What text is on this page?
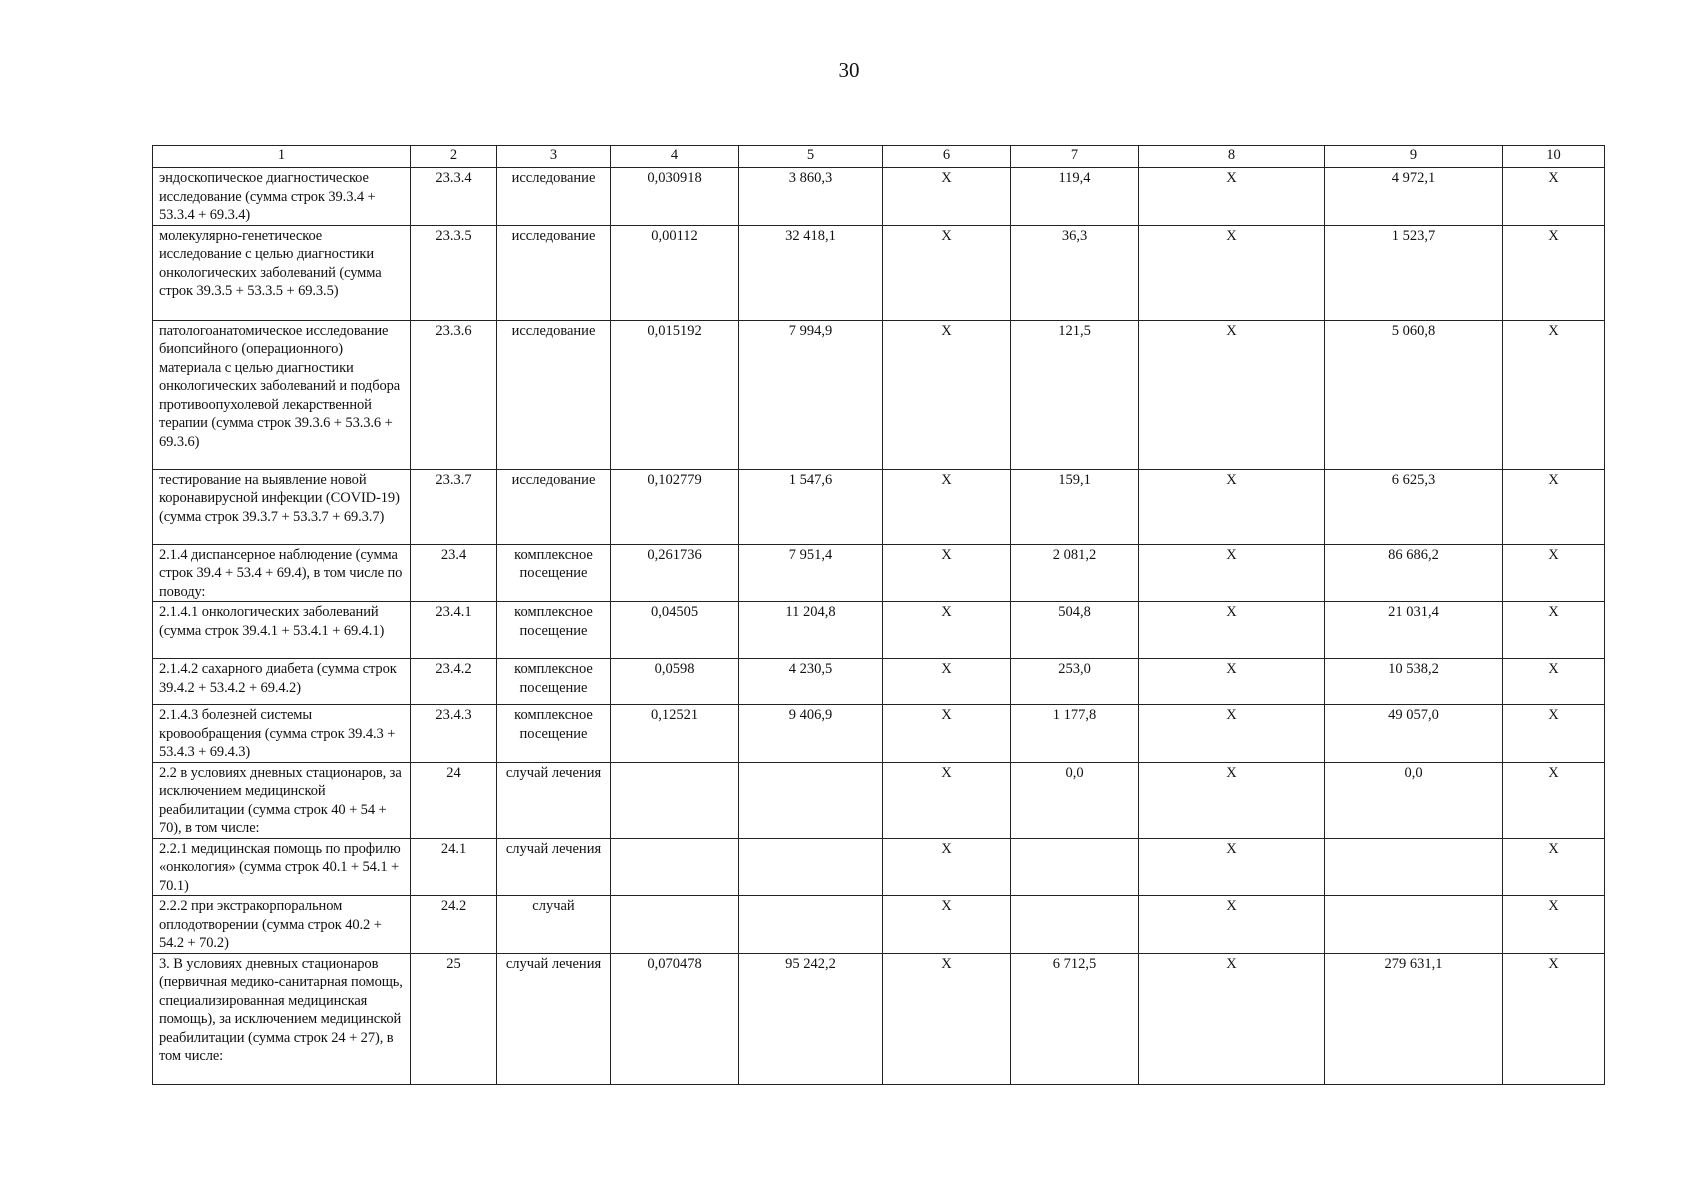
30
1	2	3	4	5	6	7	8	9	10
эндоскопическое диагностическое исследование (сумма строк 39.3.4 + 53.3.4 + 69.3.4)	23.3.4	исследование	0,030918	3 860,3	X	119,4	X	4 972,1	X
молекулярно-генетическое исследование с целью диагностики онкологических заболеваний (сумма строк 39.3.5 + 53.3.5 + 69.3.5)	23.3.5	исследование	0,00112	32 418,1	X	36,3	X	1 523,7	X
патологоанатомическое исследование биопсийного (операционного) материала с целью диагностики онкологических заболеваний и подбора противоопухолевой лекарственной терапии (сумма строк 39.3.6 + 53.3.6 + 69.3.6)	23.3.6	исследование	0,015192	7 994,9	X	121,5	X	5 060,8	X
тестирование на выявление новой коронавирусной инфекции (COVID-19) (сумма строк 39.3.7 + 53.3.7 + 69.3.7)	23.3.7	исследование	0,102779	1 547,6	X	159,1	X	6 625,3	X
2.1.4 диспансерное наблюдение (сумма строк 39.4 + 53.4 + 69.4), в том числе по поводу:	23.4	комплексное посещение	0,261736	7 951,4	X	2 081,2	X	86 686,2	X
2.1.4.1 онкологических заболеваний (сумма строк 39.4.1 + 53.4.1 + 69.4.1)	23.4.1	комплексное посещение	0,04505	11 204,8	X	504,8	X	21 031,4	X
2.1.4.2 сахарного диабета (сумма строк 39.4.2 + 53.4.2 + 69.4.2)	23.4.2	комплексное посещение	0,0598	4 230,5	X	253,0	X	10 538,2	X
2.1.4.3 болезней системы кровообращения (сумма строк 39.4.3 + 53.4.3 + 69.4.3)	23.4.3	комплексное посещение	0,12521	9 406,9	X	1 177,8	X	49 057,0	X
2.2 в условиях дневных стационаров, за исключением медицинской реабилитации (сумма строк 40 + 54 + 70), в том числе:	24	случай лечения			X	0,0	X	0,0	X
2.2.1 медицинская помощь по профилю «онкология» (сумма строк 40.1 + 54.1 + 70.1)	24.1	случай лечения			X		X		X
2.2.2 при экстракорпоральном оплодотворении (сумма строк 40.2 + 54.2 + 70.2)	24.2	случай			X		X		X
3. В условиях дневных стационаров (первичная медико-санитарная помощь, специализированная медицинская помощь), за исключением медицинской реабилитации (сумма строк 24 + 27), в том числе:	25	случай лечения	0,070478	95 242,2	X	6 712,5	X	279 631,1	X
